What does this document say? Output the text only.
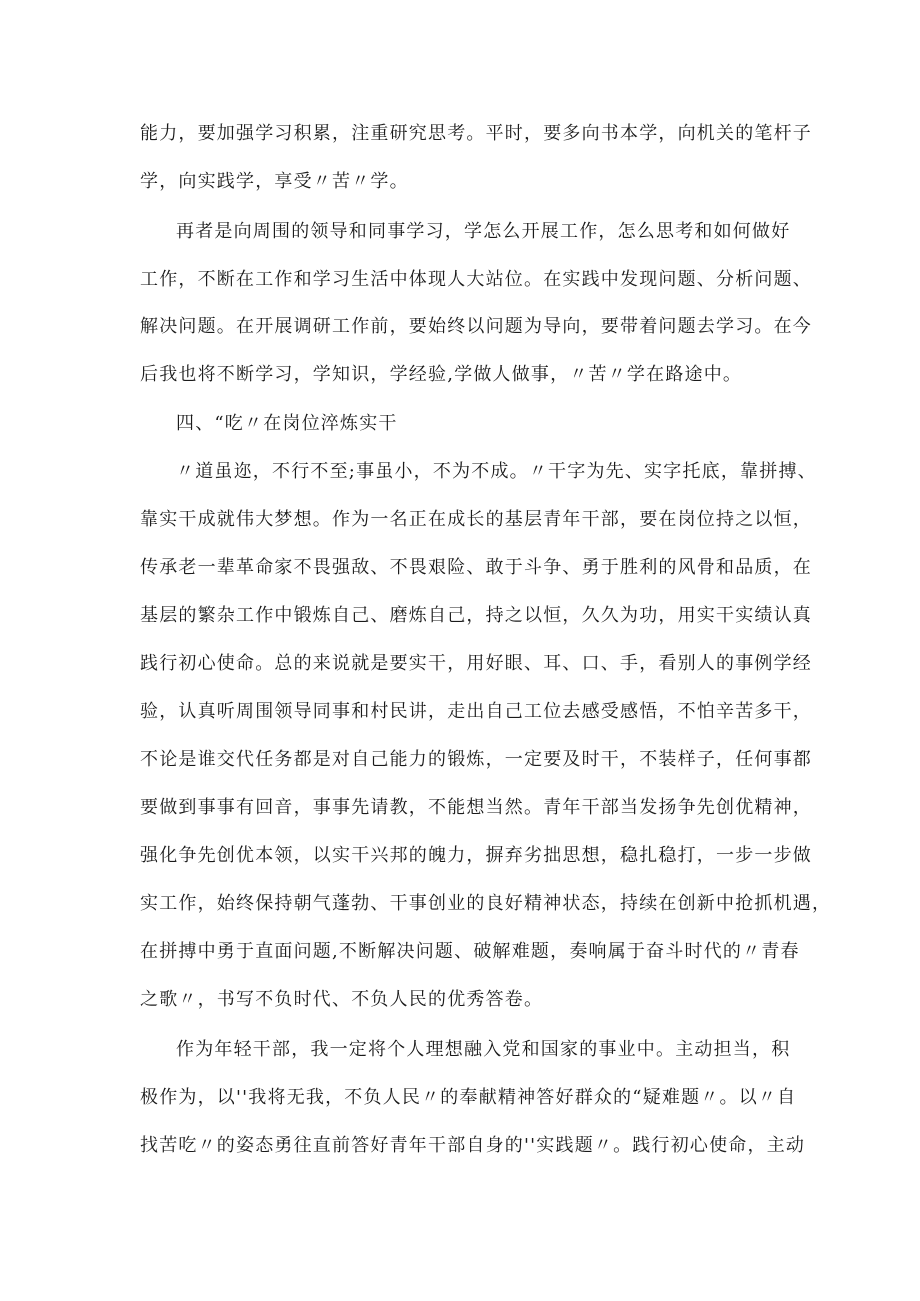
能力，要加强学习积累，注重研究思考。平时，要多向书本学，向机关的笔杆子
学，向实践学，享受〃苦〃学。
再者是向周围的领导和同事学习，学怎么开展工作，怎么思考和如何做好
工作，不断在工作和学习生活中体现人大站位。在实践中发现问题、分析问题、
解决问题。在开展调研工作前，要始终以问题为导向，要带着问题去学习。在今
后我也将不断学习，学知识，学经验,学做人做事，〃苦〃学在路途中。
四、“吃〃在岗位淬炼实干
〃道虽迩，不行不至;事虽小，不为不成。〃干字为先、实字托底，靠拼搏、
靠实干成就伟大梦想。作为一名正在成长的基层青年干部，要在岗位持之以恒，
传承老一辈革命家不畏强敌、不畏艰险、敢于斗争、勇于胜利的风骨和品质，在
基层的繁杂工作中锻炼自己、磨炼自己，持之以恒，久久为功，用实干实绩认真
践行初心使命。总的来说就是要实干，用好眼、耳、口、手，看别人的事例学经
验，认真听周围领导同事和村民讲，走出自己工位去感受感悟，不怕辛苦多干，
不论是谁交代任务都是对自己能力的锻炼，一定要及时干，不装样子，任何事都
要做到事事有回音，事事先请教，不能想当然。青年干部当发扬争先创优精神，
强化争先创优本领，以实干兴邦的魄力，摒弃劣拙思想，稳扎稳打，一步一步做
实工作，始终保持朝气蓬勃、干事创业的良好精神状态，持续在创新中抢抓机遇，
在拼搏中勇于直面问题,不断解决问题、破解难题，奏响属于奋斗时代的〃青春
之歌〃，书写不负时代、不负人民的优秀答卷。
作为年轻干部，我一定将个人理想融入党和国家的事业中。主动担当，积
极作为，以''我将无我，不负人民〃的奉献精神答好群众的“疑难题〃。以〃自
找苦吃〃的姿态勇往直前答好青年干部自身的''实践题〃。践行初心使命，主动
